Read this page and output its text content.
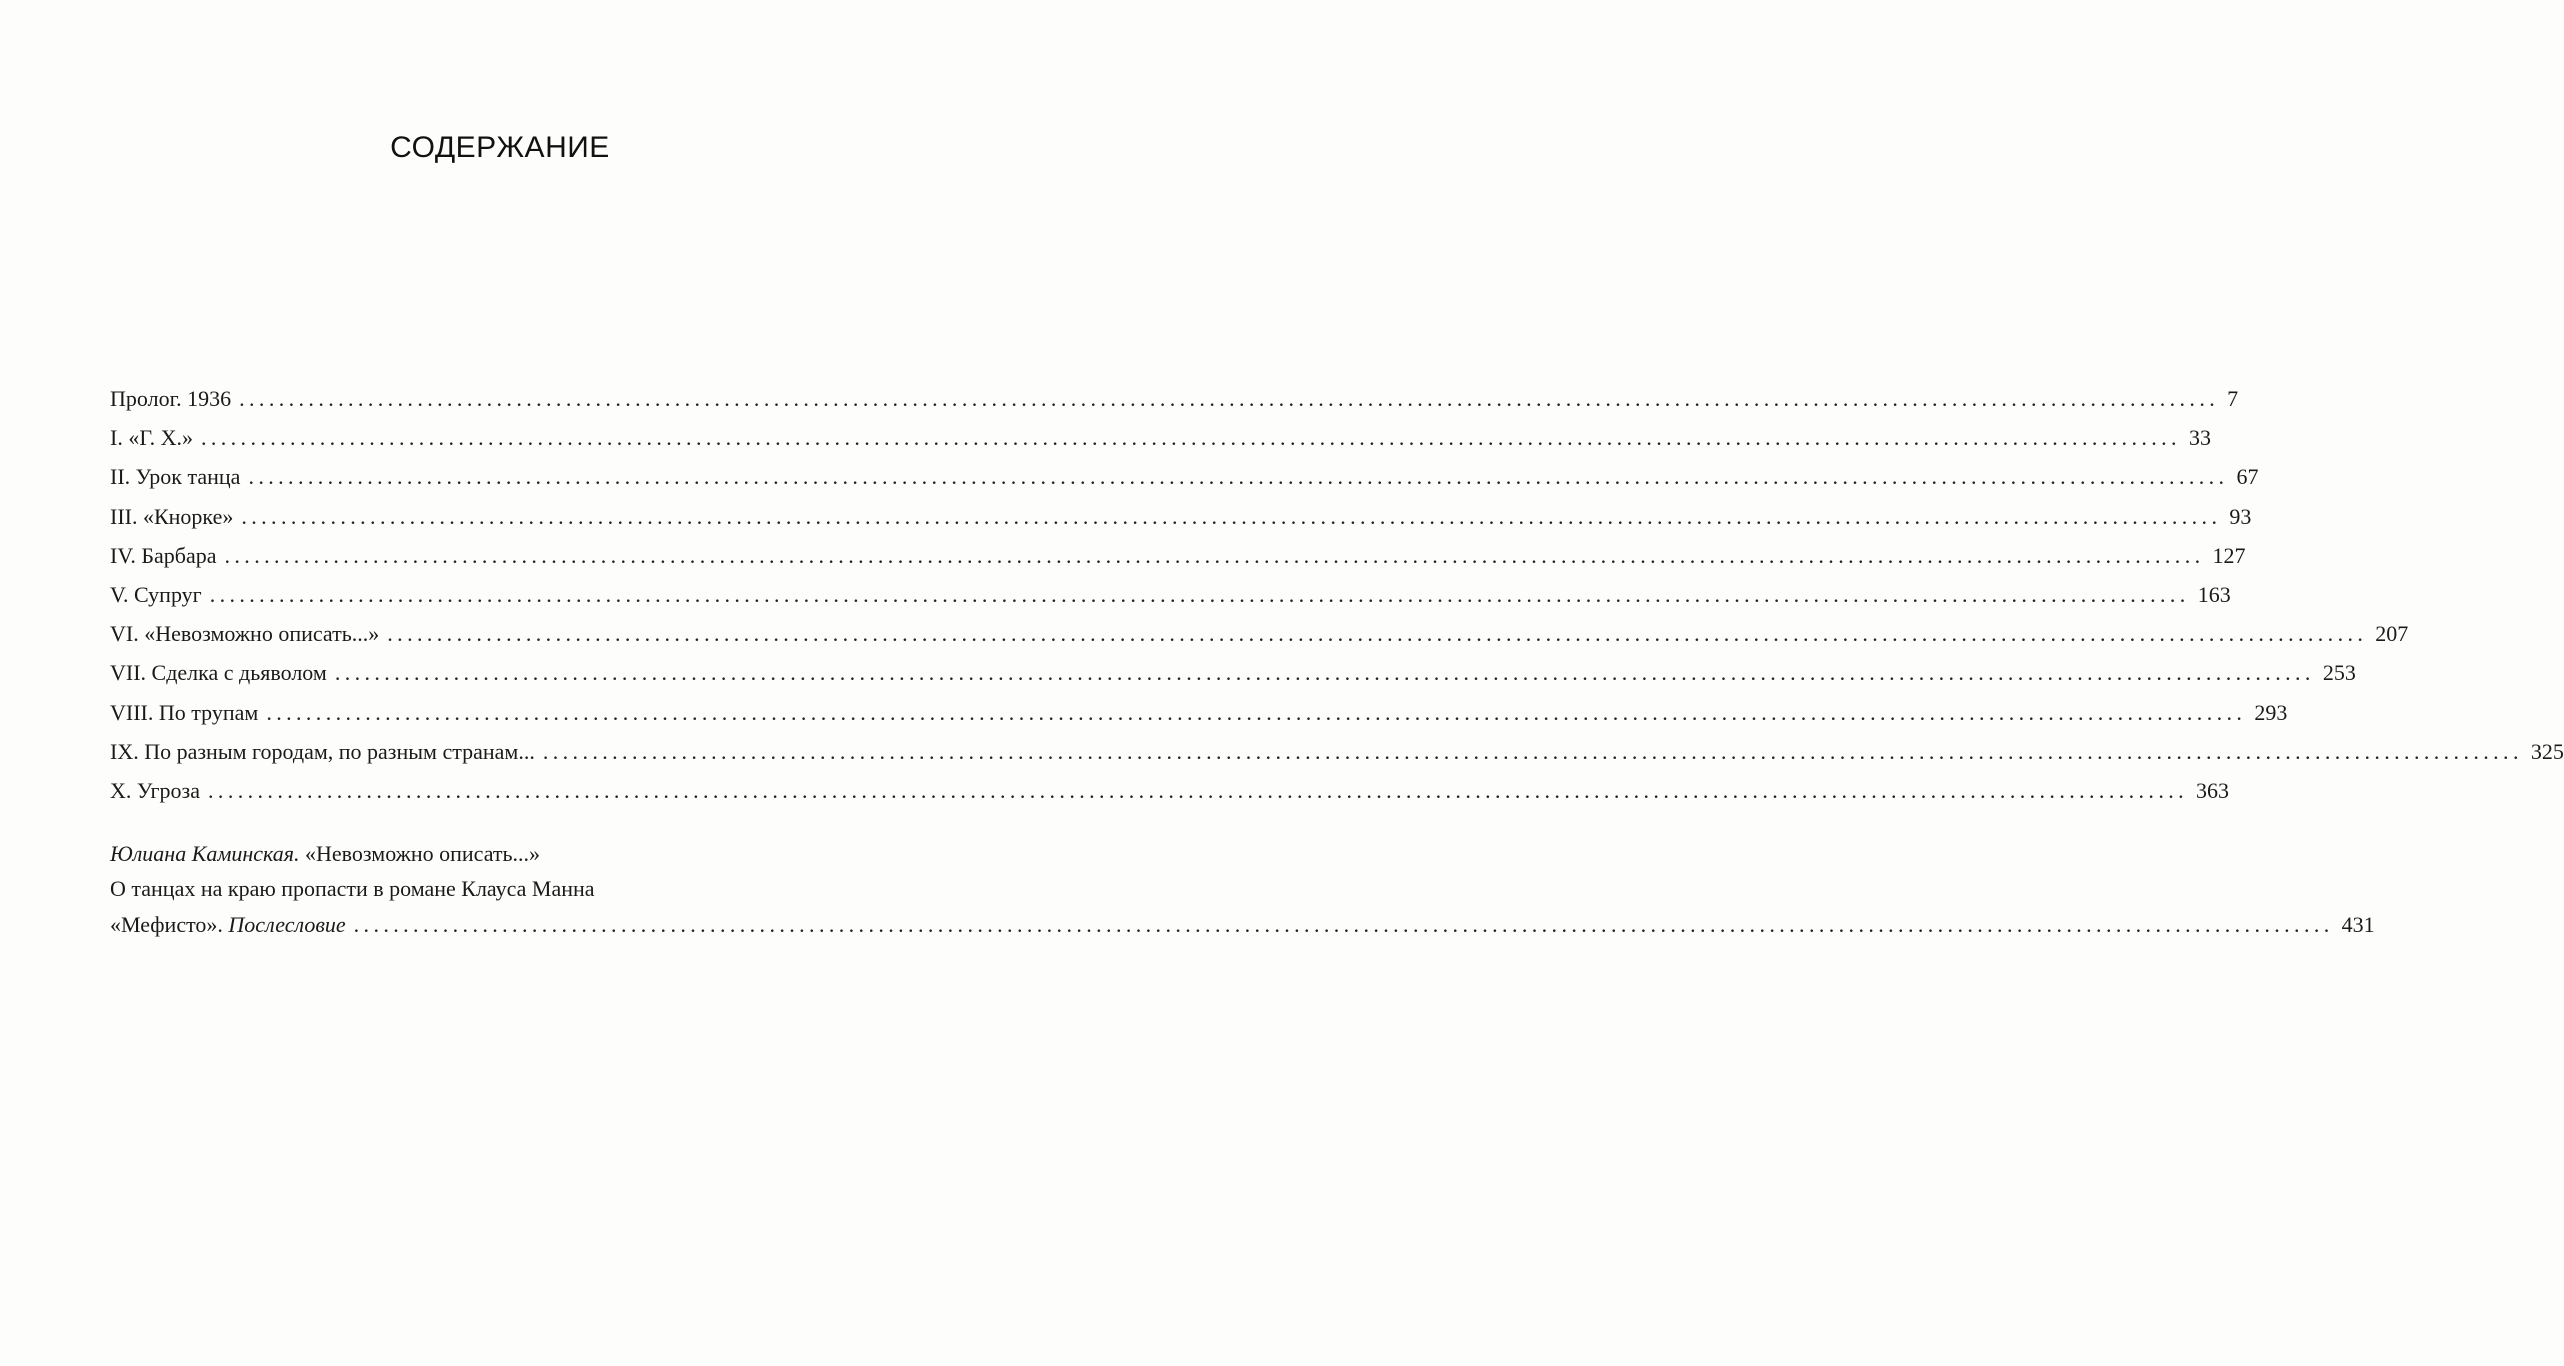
СОДЕРЖАНИЕ
Пролог. 1936 ........................................................................................................................................................................................................ 7
I. «Г. Х.» ........................................................................................................................................................................................................ 33
II. Урок танца ........................................................................................................................................................................................................ 67
III. «Кнорке» ........................................................................................................................................................................................................ 93
IV. Барбара ........................................................................................................................................................................................................ 127
V. Супруг ........................................................................................................................................................................................................ 163
VI. «Невозможно описать...» ........................................................................................................................................................................................................ 207
VII. Сделка с дьяволом ........................................................................................................................................................................................................ 253
VIII. По трупам ........................................................................................................................................................................................................ 293
IX. По разным городам, по разным странам... ........................................................................................................................................................................................................ 325
X. Угроза ........................................................................................................................................................................................................ 363
Юлиана Каминская. «Невозможно описать...»
О танцах на краю пропасти в романе Клауса Манна
«Мефисто». Послесловие ........................................................................................................................................................................................................ 431
